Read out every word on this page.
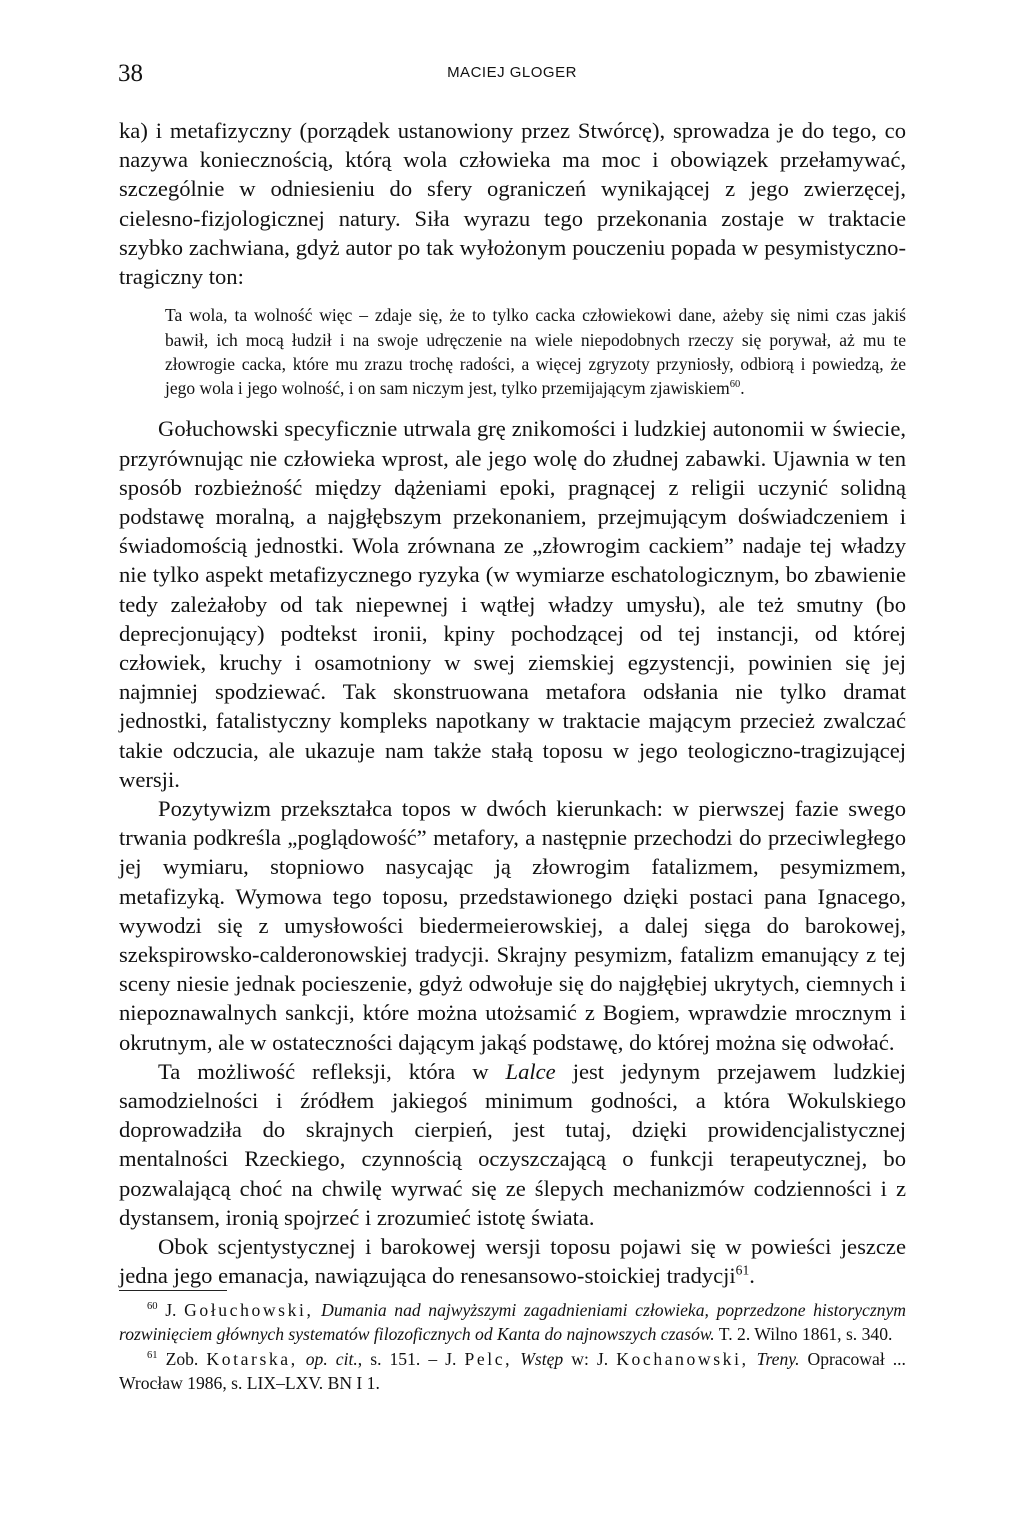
38	MACIEJ GLOGER

ka) i metafizyczny (porządek ustanowiony przez Stwórcę), sprowadza je do tego, co nazywa koniecznością, którą wola człowieka ma moc i obowiązek przełamywać, szczególnie w odniesieniu do sfery ograniczeń wynikającej z jego zwierzęcej, cielesno-fizjologicznej natury. Siła wyrazu tego przekonania zostaje w traktacie szybko zachwiana, gdyż autor po tak wyłożonym pouczeniu popada w pesymistyczno-tragiczny ton:

Ta wola, ta wolność więc – zdaje się, że to tylko cacka człowiekowi dane, ażeby się nimi czas jakiś bawił, ich mocą łudził i na swoje udręczenie na wiele niepodobnych rzeczy się porywał, aż mu te złowrogie cacka, które mu zrazu trochę radości, a więcej zgryzoty przyniosły, odbiorą i powiedzą, że jego wola i jego wolność, i on sam niczym jest, tylko przemijającym zjawiskiem$^{60}$.

Gołuchowski specyficznie utrwala grę znikomości i ludzkiej autonomii w świecie, przyrównując nie człowieka wprost, ale jego wolę do złudnej zabawki. Ujawnia w ten sposób rozbieżność między dążeniami epoki, pragnącej z religii uczynić solidną podstawę moralną, a najgłębszym przekonaniem, przejmującym doświadczeniem i świadomością jednostki. Wola zrównana ze „złowrogim cackiem” nadaje tej władzy nie tylko aspekt metafizycznego ryzyka (w wymiarze eschatologicznym, bo zbawienie tedy zależałoby od tak niepewnej i wątłej władzy umysłu), ale też smutny (bo deprecjonujący) podtekst ironii, kpiny pochodzącej od tej instancji, od której człowiek, kruchy i osamotniony w swej ziemskiej egzystencji, powinien się jej najmniej spodziewać. Tak skonstruowana metafora odsłania nie tylko dramat jednostki, fatalistyczny kompleks napotkany w traktacie mającym przecież zwalczać takie odczucia, ale ukazuje nam także stałą toposu w jego teologiczno-tragizującej wersji.

Pozytywizm przekształca topos w dwóch kierunkach: w pierwszej fazie swego trwania podkreśla „poglądowość” metafory, a następnie przechodzi do przeciwległego jej wymiaru, stopniowo nasycając ją złowrogim fatalizmem, pesymizmem, metafizyką. Wymowa tego toposu, przedstawionego dzięki postaci pana Ignacego, wywodzi się z umysłowości biedermeierowskiej, a dalej sięga do barokowej, szekspirowsko-calderonowskiej tradycji. Skrajny pesymizm, fatalizm emanujący z tej sceny niesie jednak pocieszenie, gdyż odwołuje się do najgłębiej ukrytych, ciemnych i niepoznawalnych sankcji, które można utożsamić z Bogiem, wprawdzie mrocznym i okrutnym, ale w ostateczności dającym jakąś podstawę, do której można się odwołać.

Ta możliwość refleksji, która w Lalce jest jedynym przejawem ludzkiej samodzielności i źródłem jakiegoś minimum godności, a która Wokulskiego doprowadziła do skrajnych cierpień, jest tutaj, dzięki prowidencjalistycznej mentalności Rzeckiego, czynnością oczyszczającą o funkcji terapeutycznej, bo pozwalającą choć na chwilę wyrwać się ze ślepych mechanizmów codzienności i z dystansem, ironią spojrzeć i zrozumieć istotę świata.

Obok scjentystycznej i barokowej wersji toposu pojawi się w powieści jeszcze jedna jego emanacja, nawiązująca do renesansowo-stoickiej tradycji$^{61}$.

$^{60}$ J. Gołuchowski, Dumania nad najwyższymi zagadnieniami człowieka, poprzedzone historycznym rozwinięciem głównych systematów filozoficznych od Kanta do najnowszych czasów. T. 2. Wilno 1861, s. 340.

$^{61}$ Zob. Kotarska, op. cit., s. 151. – J. Pelc, Wstęp w: J. Kochanowski, Treny. Opracował ... Wrocław 1986, s. LIX–LXV. BN I 1.
